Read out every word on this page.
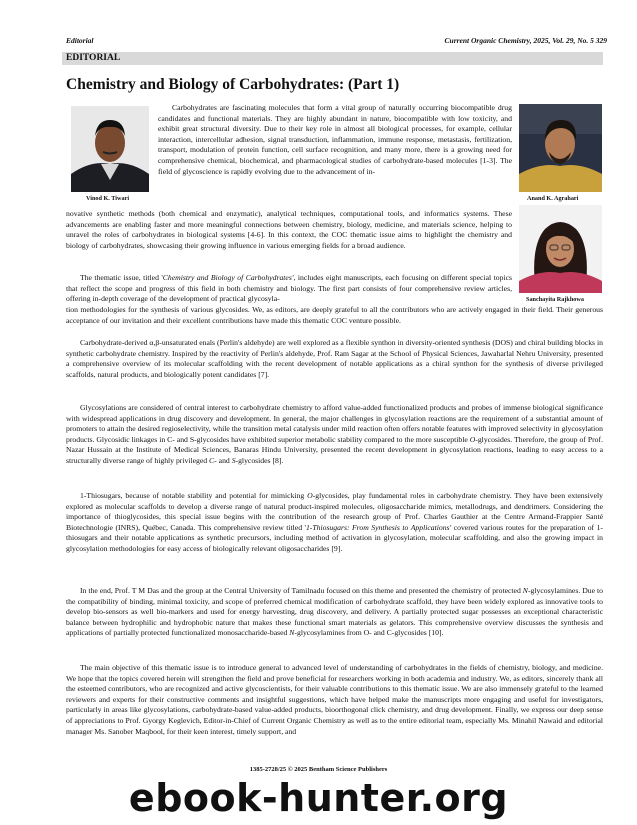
Editorial	Current Organic Chemistry, 2025, Vol. 29, No. 5 329
EDITORIAL
Chemistry and Biology of Carbohydrates: (Part 1)
Vinod K. Tiwari	Anand K. Agrahari
Sanchayita Rajkhowa

Carbohydrates are fascinating molecules that form a vital group of naturally occurring biocompatible drug candidates and functional materials. They are highly abundant in nature, biocompatible with low toxicity, and exhibit great structural diversity. Due to their key role in almost all biological processes, for example, cellular interaction, intercellular adhesion, signal transduction, inflammation, immune response, metastasis, fertilization, transport, modulation of protein function, cell surface recognition, and many more, there is a growing need for comprehensive chemical, biochemical, and pharmacological studies of carbohydrate-based molecules [1-3]. The field of glycoscience is rapidly evolving due to the advancement of in-

novative synthetic methods (both chemical and enzymatic), analytical techniques, computational tools, and informatics systems. These advancements are enabling faster and more meaningful connections between chemistry, biology, medicine, and materials science, helping to unravel the roles of carbohydrates in biological systems [4-6]. In this context, the COC thematic issue aims to highlight the chemistry and biology of carbohydrates, showcasing their growing influence in various emerging fields for a broad audience.

The thematic issue, titled 'Chemistry and Biology of Carbohydrates', includes eight manuscripts, each focusing on different special topics that reflect the scope and progress of this field in both chemistry and biology. The first part consists of four comprehensive review articles, offering in-depth coverage of the development of practical glycosyla-

tion methodologies for the synthesis of various glycosides. We, as editors, are deeply grateful to all the contributors who are actively engaged in their field. Their generous acceptance of our invitation and their excellent contributions have made this thematic COC venture possible.

Carbohydrate-derived α,β-unsaturated enals (Perlin's aldehyde) are well explored as a flexible synthon in diversity-oriented synthesis (DOS) and chiral building blocks in synthetic carbohydrate chemistry. Inspired by the reactivity of Perlin's aldehyde, Prof. Ram Sagar at the School of Physical Sciences, Jawaharlal Nehru University, presented a comprehensive overview of its molecular scaffolding with the recent development of notable applications as a chiral synthon for the synthesis of diverse privileged scaffolds, natural products, and biologically potent candidates [7].

Glycosylations are considered of central interest to carbohydrate chemistry to afford value-added functionalized products and probes of immense biological significance with widespread applications in drug discovery and development. In general, the major challenges in glycosylation reactions are the requirement of a substantial amount of promoters to attain the desired regioselectivity, while the transition metal catalysis under mild reaction often offers notable features with improved selectivity in glycosylation products. Glycosidic linkages in C- and S-glycosides have exhibited superior metabolic stability compared to the more susceptible O-glycosides. Therefore, the group of Prof. Nazar Hussain at the Institute of Medical Sciences, Banaras Hindu University, presented the recent development in glycosylation reactions, leading to easy access to a structurally diverse range of highly privileged C- and S-glycosides [8].

1-Thiosugars, because of notable stability and potential for mimicking O-glycosides, play fundamental roles in carbohydrate chemistry. They have been extensively explored as molecular scaffolds to develop a diverse range of natural product-inspired molecules, oligosaccharide mimics, metallodrugs, and dendrimers. Considering the importance of thioglycosides, this special issue begins with the contribution of the research group of Prof. Charles Gauthier at the Centre Armand-Frappier Santé Biotechnologie (INRS), Québec, Canada. This comprehensive review titled '1-Thiosugars: From Synthesis to Applications' covered various routes for the preparation of 1-thiosugars and their notable applications as synthetic precursors, including method of activation in glycosylation, molecular scaffolding, and also the growing impact in glycosylation methodologies for easy access of biologically relevant oligosaccharides [9].

In the end, Prof. T M Das and the group at the Central University of Tamilnadu focused on this theme and presented the chemistry of protected N-glycosylamines. Due to the compatibility of binding, minimal toxicity, and scope of preferred chemical modification of carbohydrate scaffold, they have been widely explored as innovative tools to develop bio-sensors as well bio-markers and used for energy harvesting, drug discovery, and delivery. A partially protected sugar possesses an exceptional characteristic balance between hydrophilic and hydrophobic nature that makes these functional smart materials as gelators. This comprehensive overview discusses the synthesis and applications of partially protected functionalized monosaccharide-based N-glycosylamines from O- and C-glycosides [10].

The main objective of this thematic issue is to introduce general to advanced level of understanding of carbohydrates in the fields of chemistry, biology, and medicine. We hope that the topics covered herein will strengthen the field and prove beneficial for researchers working in both academia and industry. We, as editors, sincerely thank all the esteemed contributors, who are recognized and active glycoscientists, for their valuable contributions to this thematic issue. We are also immensely grateful to the learned reviewers and experts for their constructive comments and insightful suggestions, which have helped make the manuscripts more engaging and useful for investigators, particularly in areas like glycosylations, carbohydrate-based value-added products, bioorthogonal click chemistry, and drug development. Finally, we express our deep sense of appreciations to Prof. Gyorgy Keglevich, Editor-in-Chief of Current Organic Chemistry as well as to the entire editorial team, especially Ms. Minahil Nawaid and editorial manager Ms. Sanober Maqbool, for their keen interest, timely support, and

1385-2728/25 © 2025 Bentham Science Publishers
ebook-hunter.org
